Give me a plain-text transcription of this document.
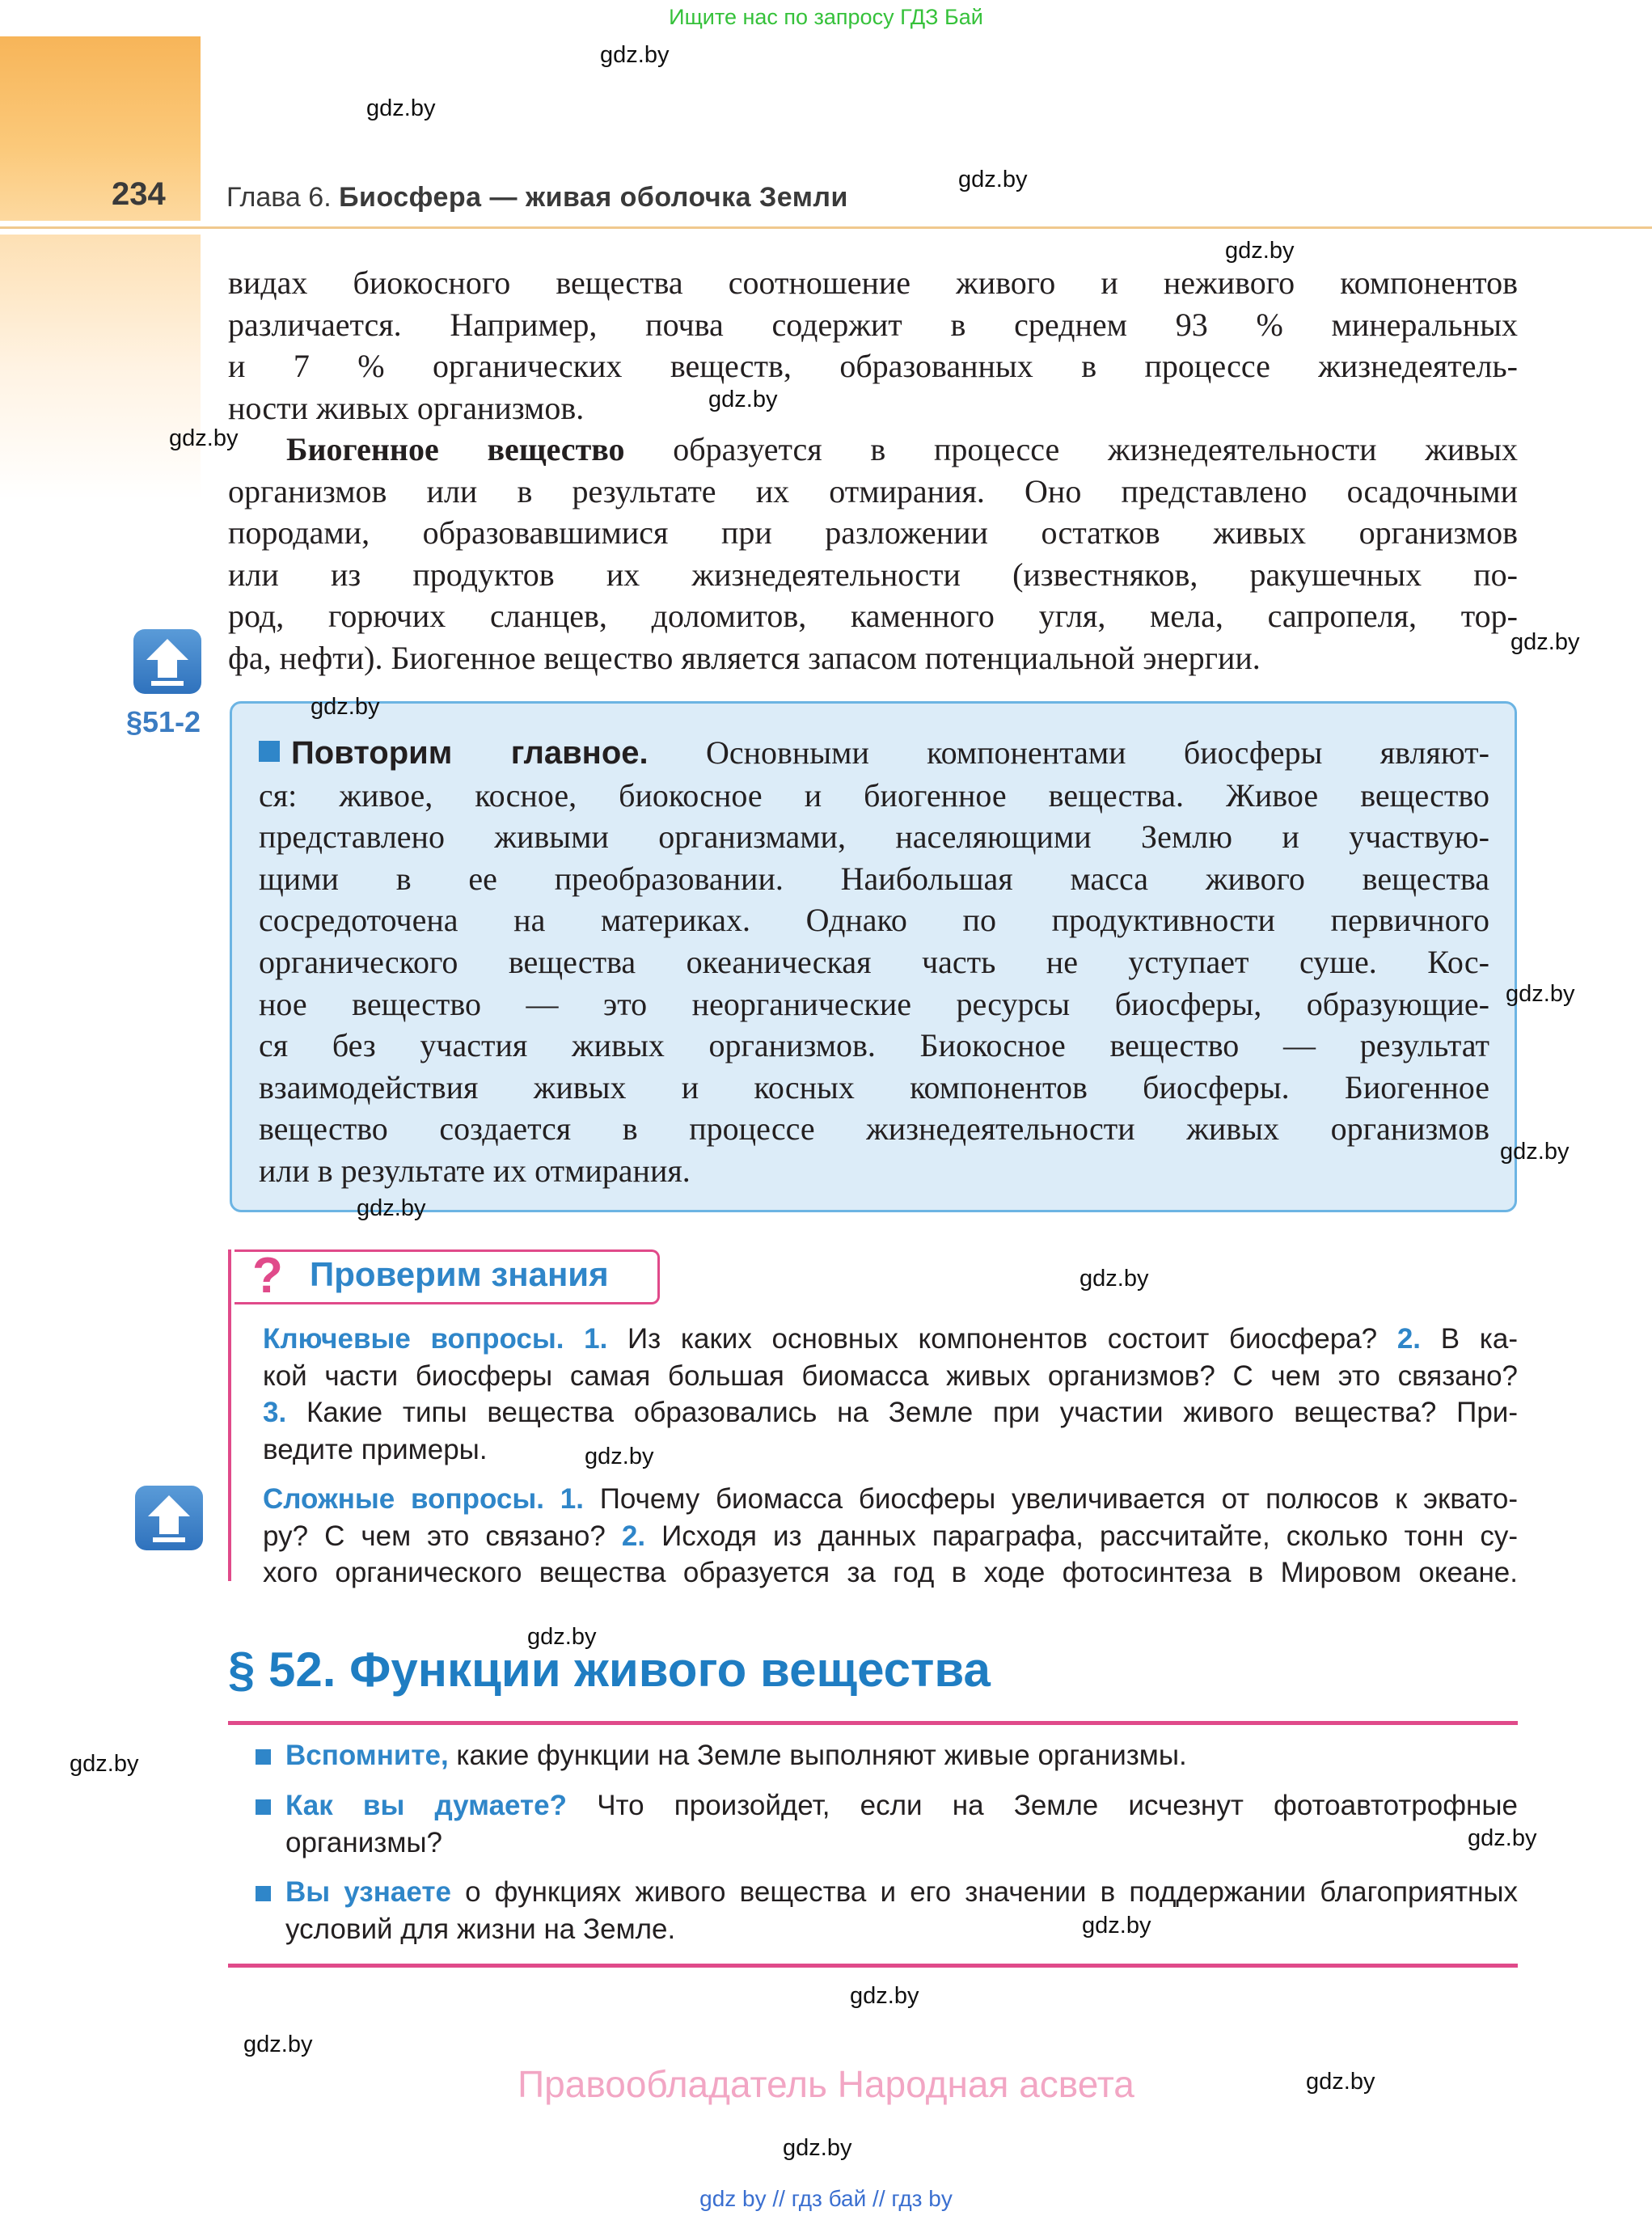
Ищите нас по запросу ГДЗ Бай
234 Глава 6. Биосфера — живая оболочка Земли
видах биокосного вещества соотношение живого и неживого компонентов
различается. Например, почва содержит в среднем 93 % минеральных
и 7 % органических веществ, образованных в процессе жизнедеятель-
ности живых организмов.
Биогенное вещество образуется в процессе жизнедеятельности живых
организмов или в результате их отмирания. Оно представлено осадочными
породами, образовавшимися при разложении остатков живых организмов
или из продуктов их жизнедеятельности (известняков, ракушечных по-
род, горючих сланцев, доломитов, каменного угля, мела, сапропеля, тор-
фа, нефти). Биогенное вещество является запасом потенциальной энергии.
§51-2
Повторим главное. Основными компонентами биосферы являют-
ся: живое, косное, биокосное и биогенное вещества. Живое вещество
представлено живыми организмами, населяющими Землю и участвую-
щими в ее преобразовании. Наибольшая масса живого вещества
сосредоточена на материках. Однако по продуктивности первичного
органического вещества океаническая часть не уступает суше. Кос-
ное вещество — это неорганические ресурсы биосферы, образующие-
ся без участия живых организмов. Биокосное вещество — результат
взаимодействия живых и косных компонентов биосферы. Биогенное
вещество создается в процессе жизнедеятельности живых организмов
или в результате их отмирания.
? Проверим знания
Ключевые вопросы. 1. Из каких основных компонентов состоит биосфера? 2. В ка-
кой части биосферы самая большая биомасса живых организмов? С чем это связано?
3. Какие типы вещества образовались на Земле при участии живого вещества? При-
ведите примеры.
Сложные вопросы. 1. Почему биомасса биосферы увеличивается от полюсов к эквато-
ру? С чем это связано? 2. Исходя из данных параграфа, рассчитайте, сколько тонн су-
хого органического вещества образуется за год в ходе фотосинтеза в Мировом океане.
§ 52. Функции живого вещества
Вспомните, какие функции на Земле выполняют живые организмы.
Как вы думаете? Что произойдет, если на Земле исчезнут фотоавтотрофные
организмы?
Вы узнаете о функциях живого вещества и его значении в поддержании благоприятных
условий для жизни на Земле.
Правообладатель Народная асвета
gdz by // гдз бай // гдз by
gdz.by
gdz.by
gdz.by
gdz.by
gdz.by
gdz.by
gdz.by
gdz.by
gdz.by
gdz.by
gdz.by
gdz.by
gdz.by
gdz.by
gdz.by
gdz.by
gdz.by
gdz.by
gdz.by
gdz.by
gdz.by
